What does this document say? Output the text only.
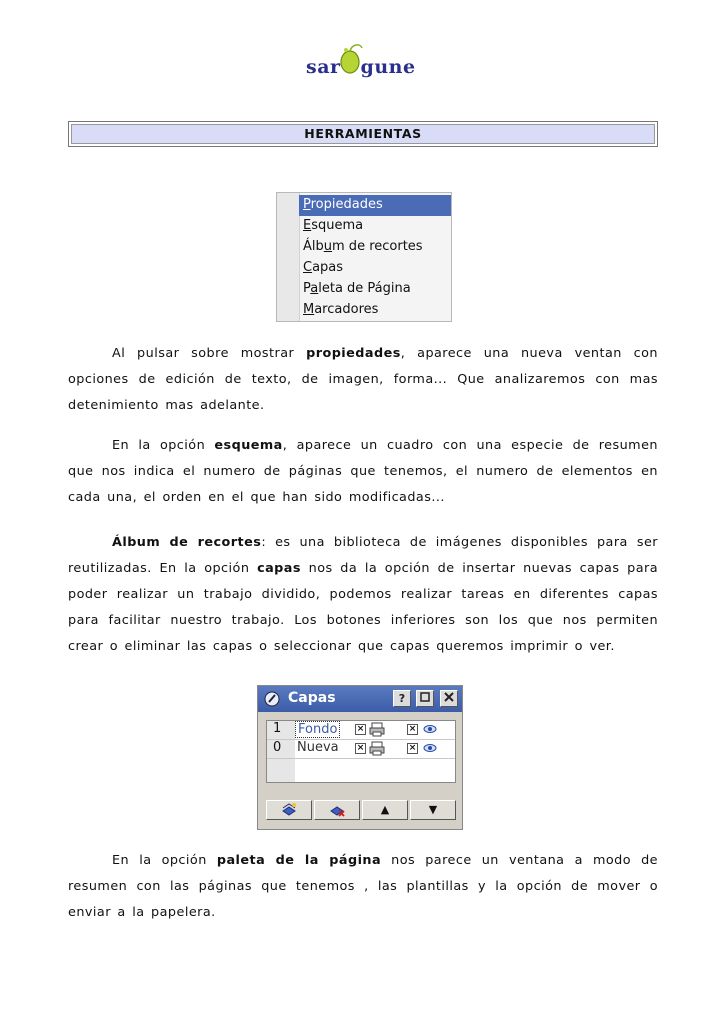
sar gune
HERRAMIENTAS
Propiedades
Esquema
Álbum de recortes
Capas
Paleta de Página
Marcadores
Al pulsar sobre mostrar propiedades, aparece una nueva ventan con opciones de edición de texto, de imagen, forma... Que analizaremos con mas detenimiento mas adelante.
En la opción esquema, aparece un cuadro con una especie de resumen que nos indica el numero de páginas que tenemos, el numero de elementos en cada una, el orden en el que han sido modificadas...
Álbum de recortes: es una biblioteca de imágenes disponibles para ser reutilizadas. En la opción capas nos da la opción de insertar nuevas capas para poder realizar un trabajo dividido, podemos realizar tareas en diferentes capas para facilitar nuestro trabajo. Los botones inferiores son los que nos permiten crear o eliminar las capas o seleccionar que capas queremos imprimir o ver.
Capas	?
1 Fondo	×	×
0 Nueva ×	×
▲	▼
En la opción paleta de la página nos parece un ventana a modo de resumen con las páginas que tenemos , las plantillas y la opción de mover o enviar a la papelera.
